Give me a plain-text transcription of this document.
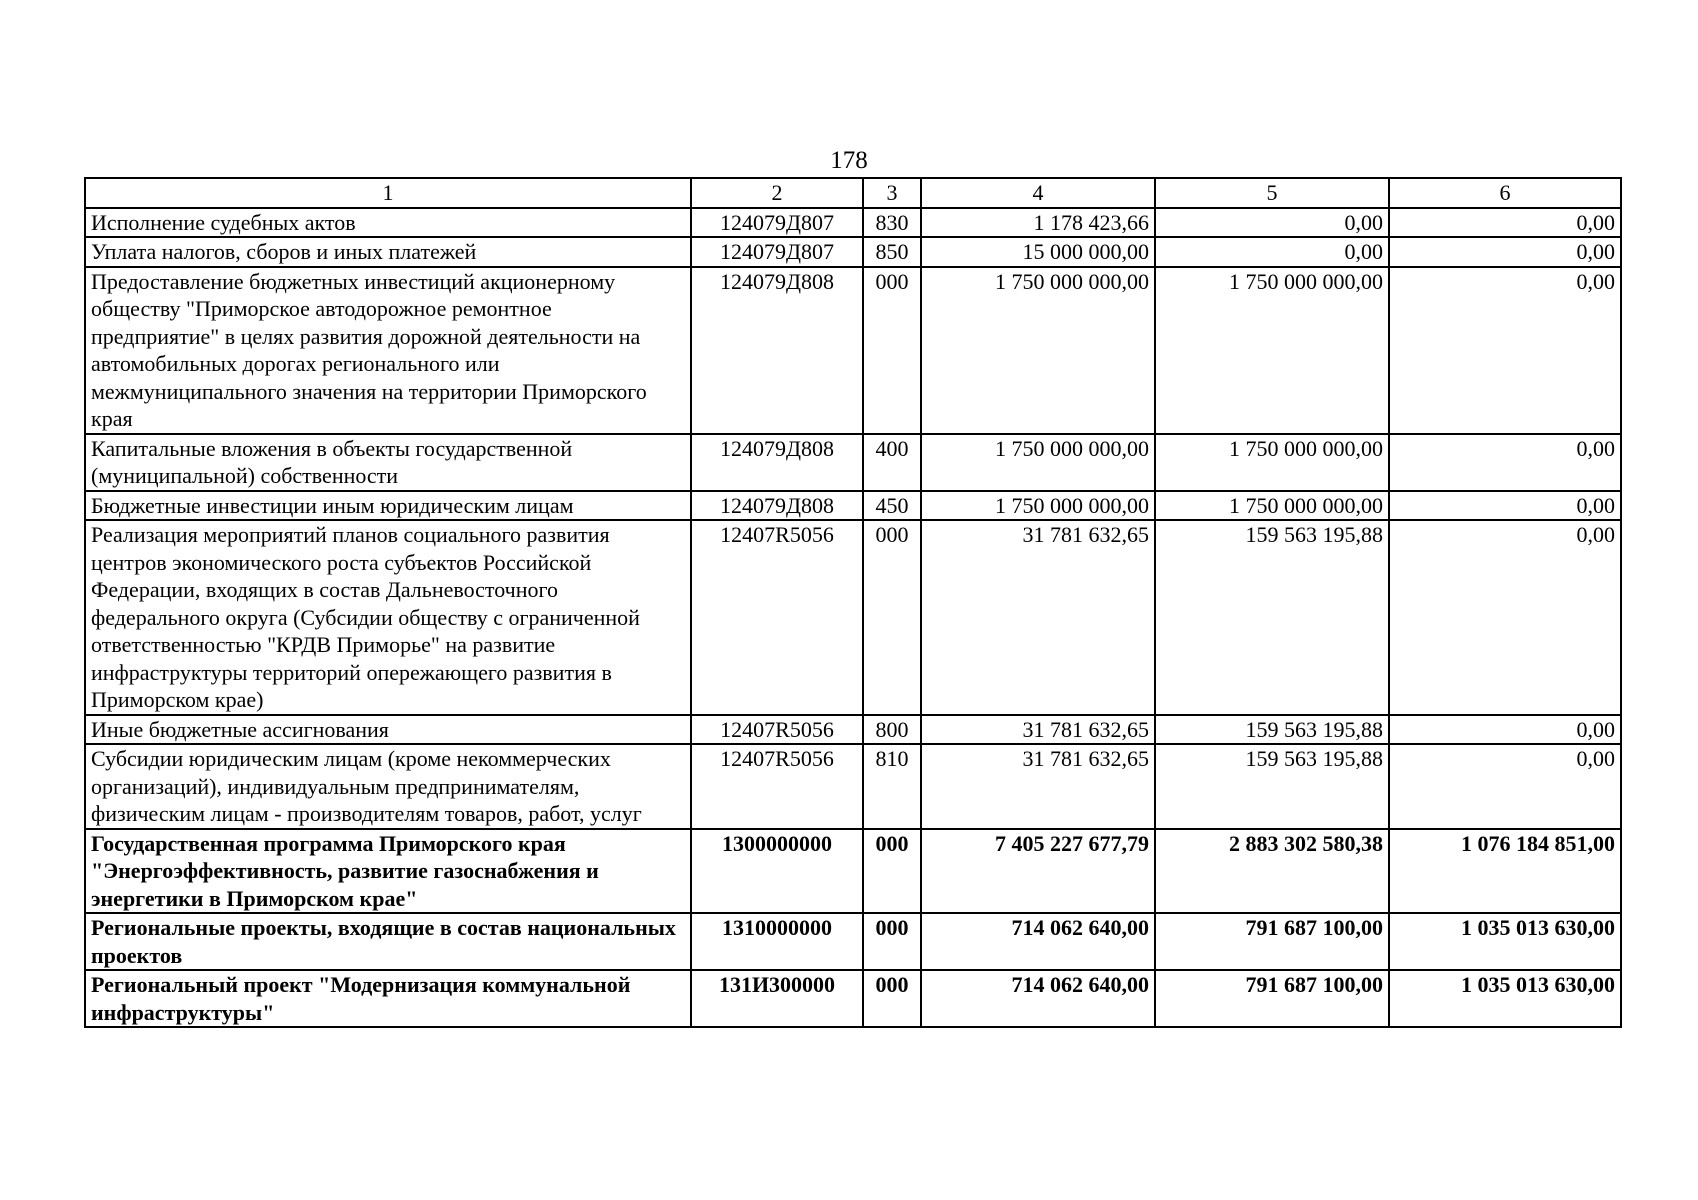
178
1	2	3	4	5	6
Исполнение судебных актов	124079Д807	830	1 178 423,66	0,00	0,00
Уплата налогов, сборов и иных платежей	124079Д807	850	15 000 000,00	0,00	0,00
Предоставление бюджетных инвестиций акционерному обществу "Приморское автодорожное ремонтное предприятие" в целях развития дорожной деятельности на автомобильных дорогах регионального или межмуниципального значения на территории Приморского края	124079Д808	000	1 750 000 000,00	1 750 000 000,00	0,00
Капитальные вложения в объекты государственной (муниципальной) собственности	124079Д808	400	1 750 000 000,00	1 750 000 000,00	0,00
Бюджетные инвестиции иным юридическим лицам	124079Д808	450	1 750 000 000,00	1 750 000 000,00	0,00
Реализация мероприятий планов социального развития центров экономического роста субъектов Российской Федерации, входящих в состав Дальневосточного федерального округа (Субсидии обществу с ограниченной ответственностью "КРДВ Приморье" на развитие инфраструктуры территорий опережающего развития в Приморском крае)	12407R5056	000	31 781 632,65	159 563 195,88	0,00
Иные бюджетные ассигнования	12407R5056	800	31 781 632,65	159 563 195,88	0,00
Субсидии юридическим лицам (кроме некоммерческих организаций), индивидуальным предпринимателям, физическим лицам - производителям товаров, работ, услуг	12407R5056	810	31 781 632,65	159 563 195,88	0,00
Государственная программа Приморского края "Энергоэффективность, развитие газоснабжения и энергетики в Приморском крае"	1300000000	000	7 405 227 677,79	2 883 302 580,38	1 076 184 851,00
Региональные проекты, входящие в состав национальных проектов	1310000000	000	714 062 640,00	791 687 100,00	1 035 013 630,00
Региональный проект "Модернизация коммунальной инфраструктуры"	131И300000	000	714 062 640,00	791 687 100,00	1 035 013 630,00
